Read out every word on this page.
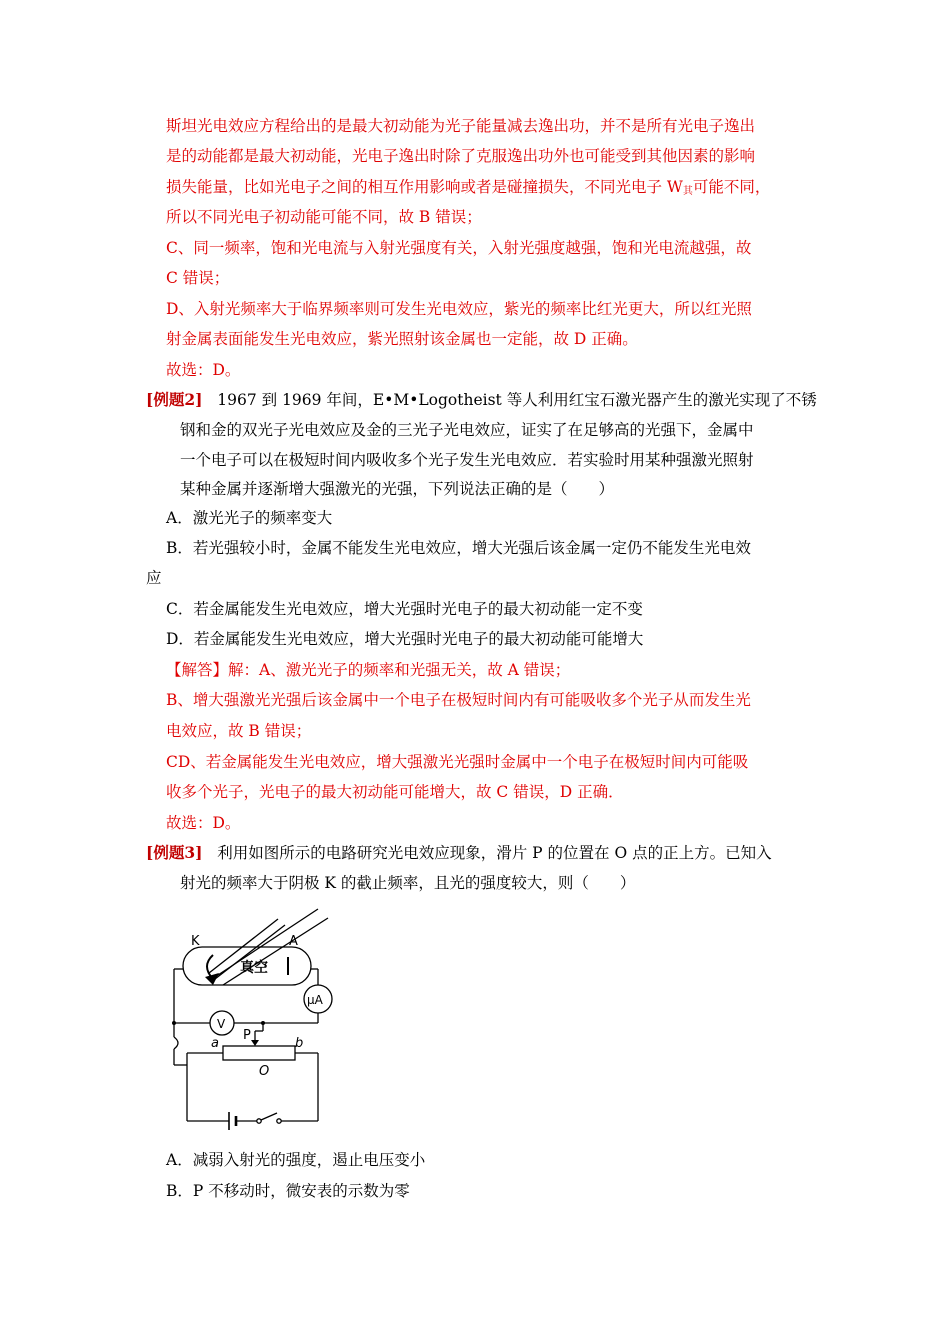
斯坦光电效应方程给出的是最大初动能为光子能量减去逸出功，并不是所有光电子逸出
是的动能都是最大初动能，光电子逸出时除了克服逸出功外也可能受到其他因素的影响
损失能量，比如光电子之间的相互作用影响或者是碰撞损失，不同光电子 $W_其$可能不同，
所以不同光电子初动能可能不同，故 B 错误；
C、同一频率，饱和光电流与入射光强度有关，入射光强度越强，饱和光电流越强，故
C 错误；
D、入射光频率大于临界频率则可发生光电效应，紫光的频率比红光更大，所以红光照
射金属表面能发生光电效应，紫光照射该金属也一定能，故 D 正确。
故选：D。
[例题2] 1967 到 1969 年间，E•M•Logotheist 等人利用红宝石激光器产生的激光实现了不锈
钢和金的双光子光电效应及金的三光子光电效应，证实了在足够高的光强下，金属中
一个电子可以在极短时间内吸收多个光子发生光电效应．若实验时用某种强激光照射
某种金属并逐渐增大强激光的光强，下列说法正确的是（　　）
A．激光光子的频率变大
B．若光强较小时，金属不能发生光电效应，增大光强后该金属一定仍不能发生光电效
应
C．若金属能发生光电效应，增大光强时光电子的最大初动能一定不变
D．若金属能发生光电效应，增大光强时光电子的最大初动能可能增大
【解答】解：A、激光光子的频率和光强无关，故 A 错误；
B、增大强激光光强后该金属中一个电子在极短时间内有可能吸收多个光子从而发生光
电效应，故 B 错误；
CD、若金属能发生光电效应，增大强激光光强时金属中一个电子在极短时间内可能吸
收多个光子，光电子的最大初动能可能增大，故 C 错误，D 正确．
故选：D。
[例题3] 利用如图所示的电路研究光电效应现象，滑片 P 的位置在 O 点的正上方。已知入
射光的频率大于阴极 K 的截止频率，且光的强度较大，则（　　）
K	A
真空
μA
V
P
a	b
O
A．减弱入射光的强度，遏止电压变小
B．P 不移动时，微安表的示数为零
